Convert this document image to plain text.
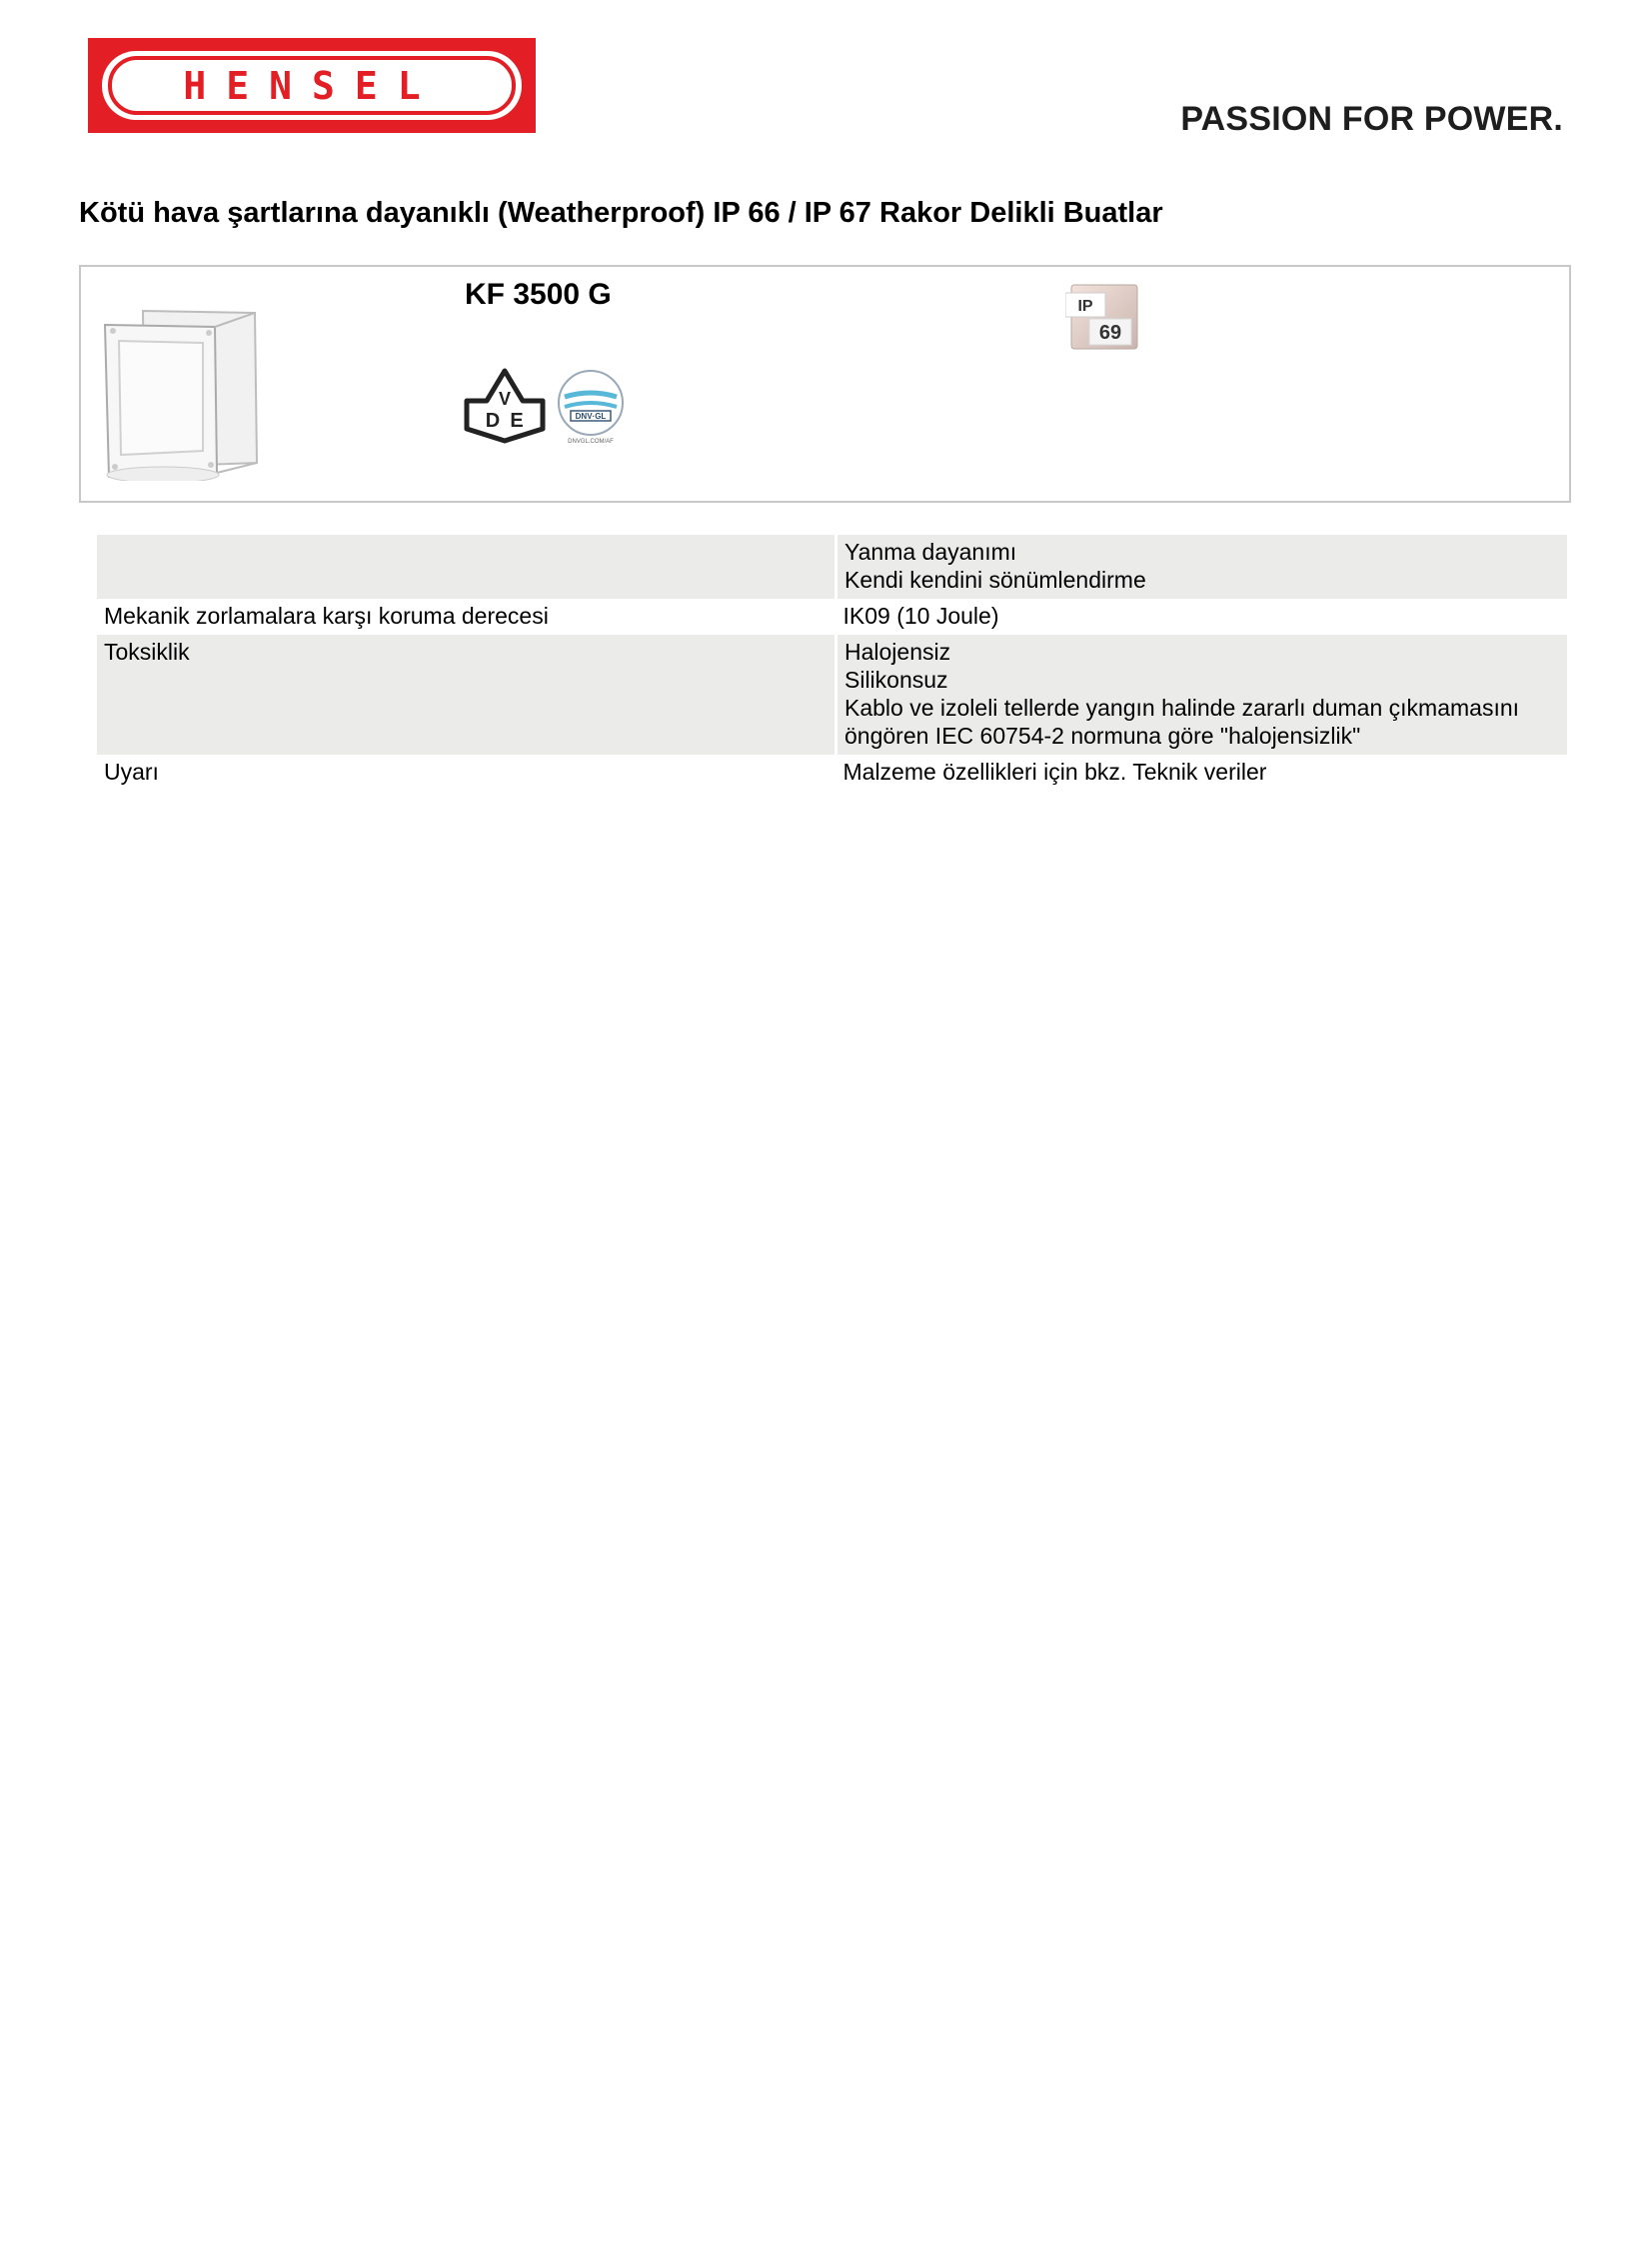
HENSEL
PASSION FOR POWER.
Kötü hava şartlarına dayanıklı (Weatherproof) IP 66 / IP 67 Rakor Delikli Buatlar
KF 3500 G
V
D E	DNV·GL
DNVGL.COM/AF
IP
69

	Yanma dayanımı
Kendi kendini sönümlendirme

Mekanik zorlamalara karşı koruma derecesi	IK09 (10 Joule)

Toksiklik	Halojensiz
Silikonsuz
Kablo ve izoleli tellerde yangın halinde zararlı duman çıkmamasını
öngören IEC 60754-2 normuna göre "halojensizlik"

Uyarı	Malzeme özellikleri için bkz. Teknik veriler
